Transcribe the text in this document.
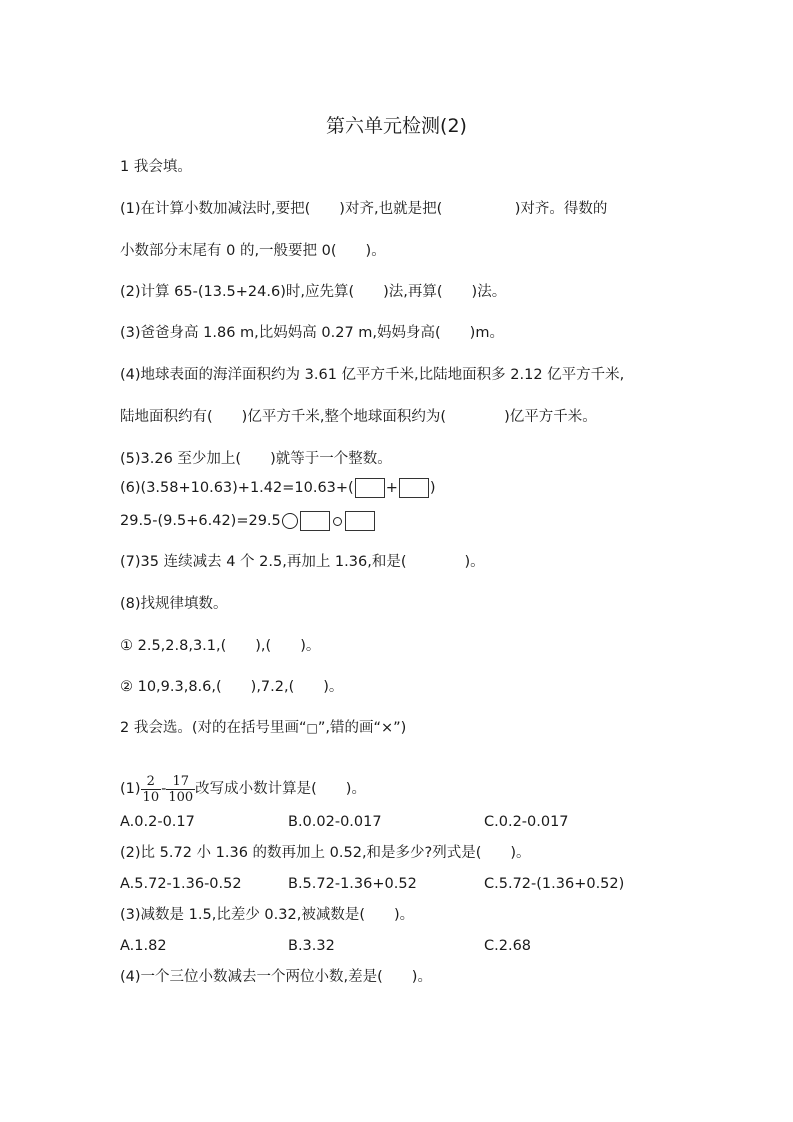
第六单元检测(2)
1 我会填。
(1)在计算小数加减法时,要把(　　)对齐,也就是把(　　　　　)对齐。得数的
小数部分末尾有 0 的,一般要把 0(　　)。
(2)计算 65-(13.5+24.6)时,应先算(　　)法,再算(　　)法。
(3)爸爸身高 1.86 m,比妈妈高 0.27 m,妈妈身高(　　)m。
(4)地球表面的海洋面积约为 3.61 亿平方千米,比陆地面积多 2.12 亿平方千米,
陆地面积约有(　　)亿平方千米,整个地球面积约为(　　　　)亿平方千米。
(5)3.26 至少加上(　　)就等于一个整数。
(6)(3.58+10.63)+1.42=10.63+( + )
29.5-(9.5+6.42)=29.5
(7)35 连续减去 4 个 2.5,再加上 1.36,和是(　　　　)。
(8)找规律填数。
① 2.5,2.8,3.1,(　　),(　　)。
② 10,9.3,8.6,(　　),7.2,(　　)。
2 我会选。(对的在括号里画“□”,错的画“×”)
$(1) \frac{2}{10} - \frac{17}{100}$ 改写成小数计算是(　　)。
A.0.2-0.17	B.0.02-0.017	C.0.2-0.017
(2)比 5.72 小 1.36 的数再加上 0.52,和是多少?列式是(　　)。
A.5.72-1.36-0.52	B.5.72-1.36+0.52	C.5.72-(1.36+0.52)
(3)减数是 1.5,比差少 0.32,被减数是(　　)。
A.1.82	B.3.32	C.2.68
(4)一个三位小数减去一个两位小数,差是(　　)。
